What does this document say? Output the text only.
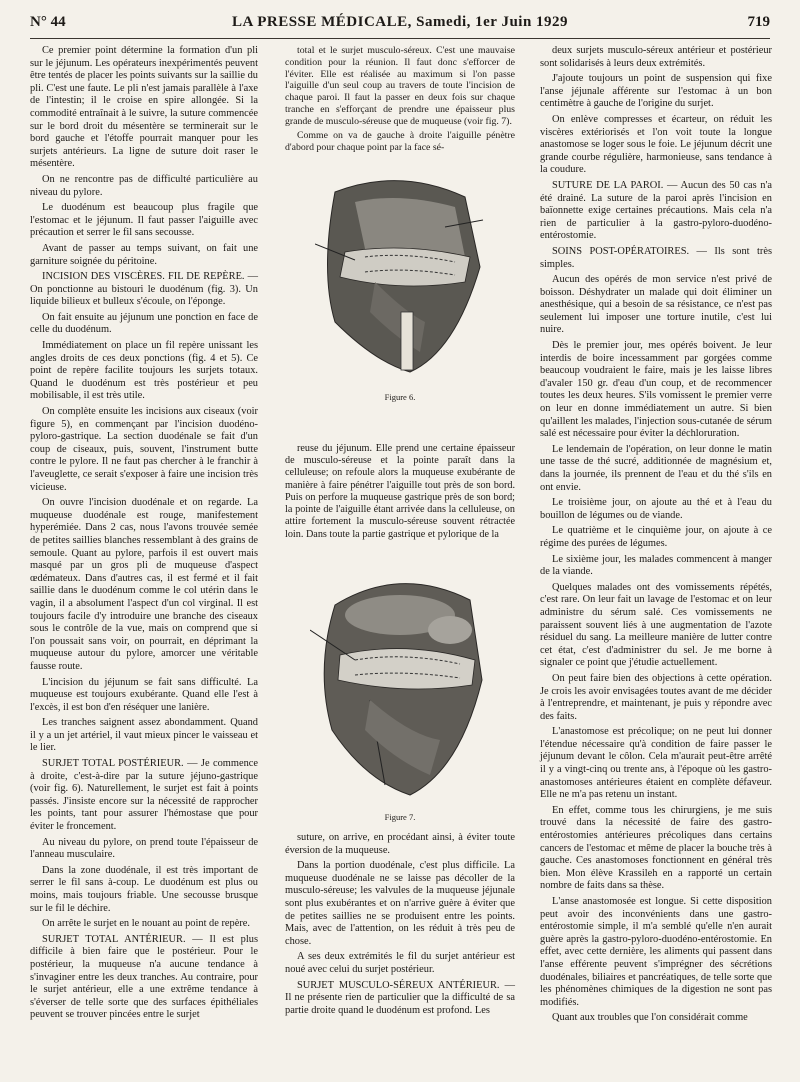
N° 44	LA PRESSE MÉDICALE, Samedi, 1er Juin 1929	719

Ce premier point détermine la formation d'un pli sur le jéjunum. Les opérateurs inexpérimentés peuvent être tentés de placer les points suivants sur la saillie du pli. C'est une faute. Le pli n'est jamais parallèle à l'axe de l'intestin; il le croise en spire allongée. Si la commodité entraînait à le suivre, la suture commencée sur le bord droit du mésentère se terminerait sur le bord gauche et l'étoffe pourrait manquer pour les surjets antérieurs. La ligne de suture doit raser le mésentère.

On ne rencontre pas de difficulté particulière au niveau du pylore.

Le duodénum est beaucoup plus fragile que l'estomac et le jéjunum. Il faut passer l'aiguille avec précaution et serrer le fil sans secousse.

Avant de passer au temps suivant, on fait une garniture soignée du péritoine.

INCISION DES VISCÈRES. FIL DE REPÈRE. — On ponctionne au bistouri le duodénum (fig. 3). Un liquide bilieux et bulleux s'écoule, on l'éponge.

On fait ensuite au jéjunum une ponction en face de celle du duodénum.

Immédiatement on place un fil repère unissant les angles droits de ces deux ponctions (fig. 4 et 5). Ce point de repère facilite toujours les surjets totaux. Quand le duodénum est très postérieur et peu mobilisable, il est très utile.

On complète ensuite les incisions aux ciseaux (voir figure 5), en commençant par l'incision duodéno-pyloro-gastrique. La section duodénale se fait d'un coup de ciseaux, puis, souvent, l'instrument butte contre le pylore. Il ne faut pas chercher à le franchir à l'aveuglette, ce serait s'exposer à faire une incision très vicieuse.

On ouvre l'incision duodénale et on regarde. La muqueuse duodénale est rouge, manifestement hyperémiée. Dans 2 cas, nous l'avons trouvée semée de petites saillies blanches ressemblant à des grains de semoule. Quant au pylore, parfois il est ouvert mais masqué par un gros pli de muqueuse d'aspect œdémateux. Dans d'autres cas, il est fermé et il fait saillie dans le duodénum comme le col utérin dans le vagin, il a absolument l'aspect d'un col virginal. Il est toujours facile d'y introduire une branche des ciseaux sous le contrôle de la vue, mais on comprend que si l'on poussait sans voir, on pourrait, en déprimant la muqueuse autour du pylore, amorcer une véritable fausse route.

L'incision du jéjunum se fait sans difficulté. La muqueuse est toujours exubérante. Quand elle l'est à l'excès, il est bon d'en réséquer une lanière.

Les tranches saignent assez abondamment. Quand il y a un jet artériel, il vaut mieux pincer le vaisseau et le lier.

SURJET TOTAL POSTÉRIEUR. — Je commence à droite, c'est-à-dire par la suture jéjuno-gastrique (voir fig. 6). Naturellement, le surjet est fait à points passés. J'insiste encore sur la nécessité de rapprocher les points, tant pour assurer l'hémostase que pour éviter le froncement.

Au niveau du pylore, on prend toute l'épaisseur de l'anneau musculaire.

Dans la zone duodénale, il est très important de serrer le fil sans à-coup. Le duodénum est plus ou moins, mais toujours friable. Une secousse brusque sur le fil le déchire.

On arrête le surjet en le nouant au point de repère.

SURJET TOTAL ANTÉRIEUR. — Il est plus difficile à bien faire que le postérieur. Pour le postérieur, la muqueuse n'a aucune tendance à s'invaginer entre les deux tranches. Au contraire, pour le surjet antérieur, elle a une extrême tendance à s'éverser de telle sorte que des surfaces épithéliales peuvent se trouver pincées entre le surjet

total et le surjet musculo-séreux. C'est une mauvaise condition pour la réunion. Il faut donc s'efforcer de l'éviter. Elle est réalisée au maximum si l'on passe l'aiguille d'un seul coup au travers de toute l'incision de chaque paroi. Il faut la passer en deux fois sur chaque tranche en s'efforçant de prendre une épaisseur plus grande de musculo-séreuse que de muqueuse (voir fig. 7).

Comme on va de gauche à droite l'aiguille pénètre d'abord pour chaque point par la face sé-

Figure 6.

reuse du jéjunum. Elle prend une certaine épaisseur de musculo-séreuse et la pointe paraît dans la celluleuse; on refoule alors la muqueuse exubérante de manière à faire pénétrer l'aiguille tout près de son bord. Puis on perfore la muqueuse gastrique près de son bord; la pointe de l'aiguille étant arrivée dans la celluleuse, on attire fortement la musculo-séreuse souvent rétractée loin. Dans toute la partie gastrique et pylorique de la

Figure 7.

suture, on arrive, en procédant ainsi, à éviter toute éversion de la muqueuse.

Dans la portion duodénale, c'est plus difficile. La muqueuse duodénale ne se laisse pas décoller de la musculo-séreuse; les valvules de la muqueuse jéjunale sont plus exubérantes et on n'arrive guère à éviter que de petites saillies ne se produisent entre les points. Mais, avec de l'attention, on les réduit à très peu de chose.

A ses deux extrémités le fil du surjet antérieur est noué avec celui du surjet postérieur.

SURJET MUSCULO-SÉREUX ANTÉRIEUR. — Il ne présente rien de particulier que la difficulté de sa partie droite quand le duodénum est profond. Les

deux surjets musculo-séreux antérieur et postérieur sont solidarisés à leurs deux extrémités.

J'ajoute toujours un point de suspension qui fixe l'anse jéjunale afférente sur l'estomac à un bon centimètre à gauche de l'origine du surjet.

On enlève compresses et écarteur, on réduit les viscères extériorisés et l'on voit toute la longue anastomose se loger sous le foie. Le jéjunum décrit une grande courbe régulière, harmonieuse, sans tendance à la coudure.

SUTURE DE LA PAROI. — Aucun des 50 cas n'a été drainé. La suture de la paroi après l'incision en baïonnette exige certaines précautions. Mais cela n'a rien de particulier à la gastro-pyloro-duodéno-entérostomie.

SOINS POST-OPÉRATOIRES. — Ils sont très simples.

Aucun des opérés de mon service n'est privé de boisson. Déshydrater un malade qui doit éliminer un anesthésique, qui a besoin de sa résistance, ce n'est pas seulement lui imposer une torture inutile, c'est lui nuire.

Dès le premier jour, mes opérés boivent. Je leur interdis de boire incessamment par gorgées comme beaucoup voudraient le faire, mais je les laisse libres d'avaler 150 gr. d'eau d'un coup, et de recommencer toutes les deux heures. S'ils vomissent le premier verre on leur en donne immédiatement un autre. Si bien qu'aillent les malades, l'injection sous-cutanée de sérum salé est nécessaire pour éviter la déchloruration.

Le lendemain de l'opération, on leur donne le matin une tasse de thé sucré, additionnée de magnésium et, dans la journée, ils prennent de l'eau et du thé s'ils en ont envie.

Le troisième jour, on ajoute au thé et à l'eau du bouillon de légumes ou de viande.

Le quatrième et le cinquième jour, on ajoute à ce régime des purées de légumes.

Le sixième jour, les malades commencent à manger de la viande.

Quelques malades ont des vomissements répétés, c'est rare. On leur fait un lavage de l'estomac et on leur administre du sérum salé. Ces vomissements ne paraissent souvent liés à une augmentation de l'azote résiduel du sang. La meilleure manière de lutter contre cet état, c'est d'administrer du sel. Je me borne à signaler ce point que j'étudie actuellement.

On peut faire bien des objections à cette opération. Je crois les avoir envisagées toutes avant de me décider à l'entreprendre, et maintenant, je puis y répondre avec des faits.

L'anastomose est précolique; on ne peut lui donner l'étendue nécessaire qu'à condition de faire passer le jéjunum devant le côlon. Cela m'aurait peut-être arrêté il y a vingt-cinq ou trente ans, à l'époque où les gastro-anastomoses antérieures étaient en complète défaveur. Elle ne m'a pas retenu un instant.

En effet, comme tous les chirurgiens, je me suis trouvé dans la nécessité de faire des gastro-entérostomies antérieures précoliques dans certains cancers de l'estomac et même de placer la bouche très à gauche. Ces anastomoses fonctionnent en général très bien. Mon élève Krassileh en a rapporté un certain nombre de faits dans sa thèse.

L'anse anastomosée est longue. Si cette disposition peut avoir des inconvénients dans une gastro-entérostomie simple, il m'a semblé qu'elle n'en aurait guère après la gastro-pyloro-duodéno-entérostomie. En effet, avec cette dernière, les aliments qui passent dans l'anse efférente peuvent s'imprégner des sécrétions duodénales, biliaires et pancréatiques, de telle sorte que les phénomènes chimiques de la digestion ne sont pas modifiés.

Quant aux troubles que l'on considérait comme
